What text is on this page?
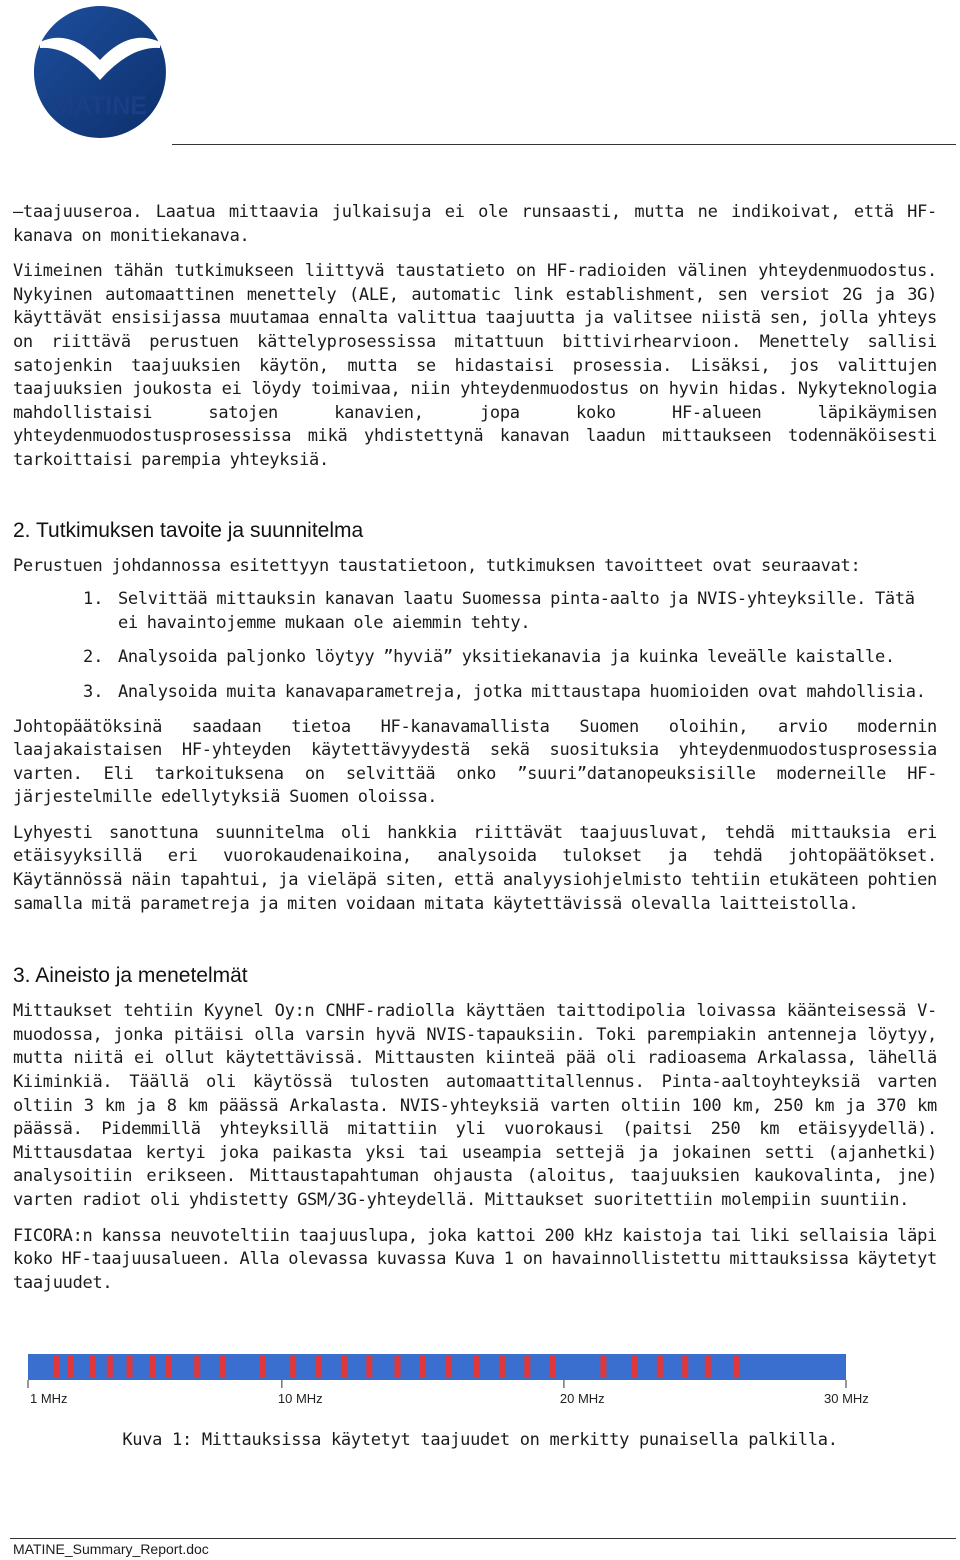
MATINE

–taajuuseroa. Laatua mittaavia julkaisuja ei ole runsaasti, mutta ne indikoivat, että HF-kanava on monitiekanava.

Viimeinen tähän tutkimukseen liittyvä taustatieto on HF-radioiden välinen yhteydenmuodostus. Nykyinen automaattinen menettely (ALE, automatic link establishment, sen versiot 2G ja 3G) käyttävät ensisijassa muutamaa ennalta valittua taajuutta ja valitsee niistä sen, jolla yhteys on riittävä perustuen kättelyprosessissa mitattuun bittivirhearvioon. Menettely sallisi satojenkin taajuuksien käytön, mutta se hidastaisi prosessia. Lisäksi, jos valittujen taajuuksien joukosta ei löydy toimivaa, niin yhteydenmuodostus on hyvin hidas. Nykyteknologia mahdollistaisi satojen kanavien, jopa koko HF-alueen läpikäymisen yhteydenmuodostusprosessissa mikä yhdistettynä kanavan laadun mittaukseen todennäköisesti tarkoittaisi parempia yhteyksiä.

2. Tutkimuksen tavoite ja suunnitelma

Perustuen johdannossa esitettyyn taustatietoon, tutkimuksen tavoitteet ovat seuraavat:

1. Selvittää mittauksin kanavan laatu Suomessa pinta-aalto ja NVIS-yhteyksille. Tätä ei havaintojemme mukaan ole aiemmin tehty.

2. Analysoida paljonko löytyy ”hyviä” yksitiekanavia ja kuinka leveälle kaistalle.

3. Analysoida muita kanavaparametreja, jotka mittaustapa huomioiden ovat mahdollisia.

Johtopäätöksinä saadaan tietoa HF-kanavamallista Suomen oloihin, arvio modernin laajakaistaisen HF-yhteyden käytettävyydestä sekä suosituksia yhteydenmuodostusprosessia varten. Eli tarkoituksena on selvittää onko ”suuri”datanopeuksisille moderneille HF-järjestelmille edellytyksiä Suomen oloissa.

Lyhyesti sanottuna suunnitelma oli hankkia riittävät taajuusluvat, tehdä mittauksia eri etäisyyksillä eri vuorokaudenaikoina, analysoida tulokset ja tehdä johtopäätökset. Käytännössä näin tapahtui, ja vieläpä siten, että analyysiohjelmisto tehtiin etukäteen pohtien samalla mitä parametreja ja miten voidaan mitata käytettävissä olevalla laitteistolla.

3. Aineisto ja menetelmät

Mittaukset tehtiin Kyynel Oy:n CNHF-radiolla käyttäen taittodipolia loivassa käänteisessä V-muodossa, jonka pitäisi olla varsin hyvä NVIS-tapauksiin. Toki parempiakin antenneja löytyy, mutta niitä ei ollut käytettävissä. Mittausten kiinteä pää oli radioasema Arkalassa, lähellä Kiiminkiä. Täällä oli käytössä tulosten automaattitallennus. Pinta-aaltoyhteyksiä varten oltiin 3 km ja 8 km päässä Arkalasta. NVIS-yhteyksiä varten oltiin 100 km, 250 km ja 370 km päässä. Pidemmillä yhteyksillä mitattiin yli vuorokausi (paitsi 250 km etäisyydellä). Mittausdataa kertyi joka paikasta yksi tai useampia settejä ja jokainen setti (ajanhetki) analysoitiin erikseen. Mittaustapahtuman ohjausta (aloitus, taajuuksien kaukovalinta, jne) varten radiot oli yhdistetty GSM/3G-yhteydellä. Mittaukset suoritettiin molempiin suuntiin.

FICORA:n kanssa neuvoteltiin taajuuslupa, joka kattoi 200 kHz kaistoja tai liki sellaisia läpi koko HF-taajuusalueen. Alla olevassa kuvassa Kuva 1 on havainnollistettu mittauksissa käytetyt taajuudet.

1 MHz	10 MHz	20 MHz	30 MHz
Kuva 1: Mittauksissa käytetyt taajuudet on merkitty punaisella palkilla.
MATINE_Summary_Report.doc
